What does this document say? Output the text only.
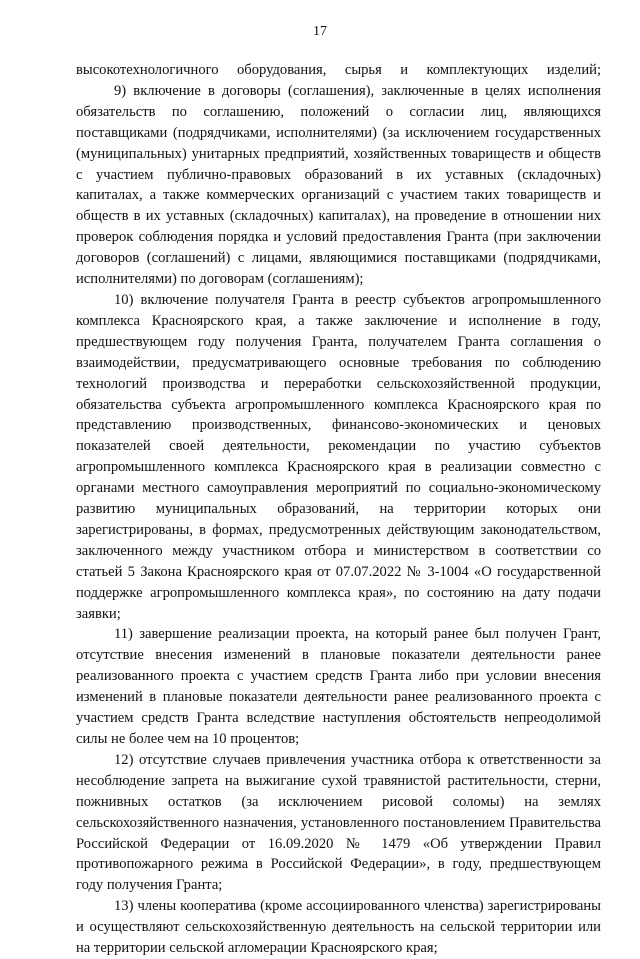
17

высокотехнологичного оборудования, сырья и комплектующих изделий;

9) включение в договоры (соглашения), заключенные в целях исполнения обязательств по соглашению, положений о согласии лиц, являющихся поставщиками (подрядчиками, исполнителями) (за исключением государственных (муниципальных) унитарных предприятий, хозяйственных товариществ и обществ с участием публично-правовых образований в их уставных (складочных) капиталах, а также коммерческих организаций с участием таких товариществ и обществ в их уставных (складочных) капиталах), на проведение в отношении них проверок соблюдения порядка и условий предоставления Гранта (при заключении договоров (соглашений) с лицами, являющимися поставщиками (подрядчиками, исполнителями) по договорам (соглашениям);

10) включение получателя Гранта в реестр субъектов агропромышленного комплекса Красноярского края, а также заключение и исполнение в году, предшествующем году получения Гранта, получателем Гранта соглашения о взаимодействии, предусматривающего основные требования по соблюдению технологий производства и переработки сельскохозяйственной продукции, обязательства субъекта агропромышленного комплекса Красноярского края по представлению производственных, финансово-экономических и ценовых показателей своей деятельности, рекомендации по участию субъектов агропромышленного комплекса Красноярского края в реализации совместно с органами местного самоуправления мероприятий по социально-экономическому развитию муниципальных образований, на территории которых они зарегистрированы, в формах, предусмотренных действующим законодательством, заключенного между участником отбора и министерством в соответствии со статьей 5 Закона Красноярского края от 07.07.2022 № 3-1004 «О государственной поддержке агропромышленного комплекса края», по состоянию на дату подачи заявки;

11) завершение реализации проекта, на который ранее был получен Грант, отсутствие внесения изменений в плановые показатели деятельности ранее реализованного проекта с участием средств Гранта либо при условии внесения изменений в плановые показатели деятельности ранее реализованного проекта с участием средств Гранта вследствие наступления обстоятельств непреодолимой силы не более чем на 10 процентов;

12) отсутствие случаев привлечения участника отбора к ответственности за несоблюдение запрета на выжигание сухой травянистой растительности, стерни, пожнивных остатков (за исключением рисовой соломы) на землях сельскохозяйственного назначения, установленного постановлением Правительства Российской Федерации от 16.09.2020 № 1479 «Об утверждении Правил противопожарного режима в Российской Федерации», в году, предшествующем году получения Гранта;

13) члены кооператива (кроме ассоциированного членства) зарегистрированы и осуществляют сельскохозяйственную деятельность на сельской территории или на территории сельской агломерации Красноярского края;
